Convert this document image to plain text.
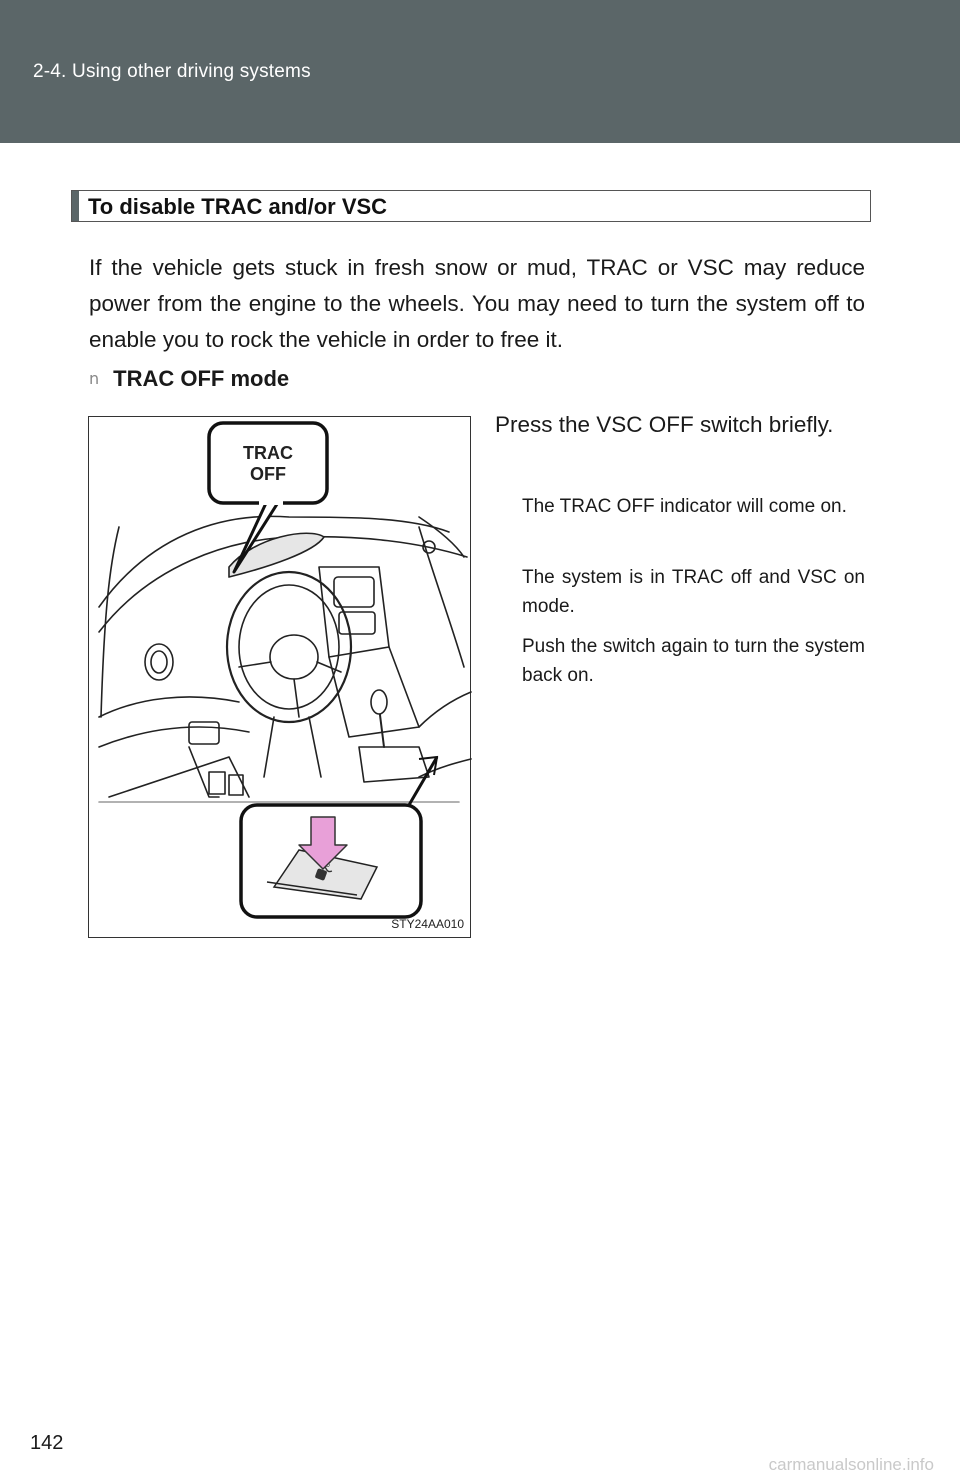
2-4. Using other driving systems
To disable TRAC and/or VSC
If the vehicle gets stuck in fresh snow or mud, TRAC or VSC may reduce power from the engine to the wheels. You may need to turn the system off to enable you to rock the vehicle in order to free it.
n TRAC OFF mode
TRAC
OFF
STY24AA010
Press the VSC OFF switch briefly.
The TRAC OFF indicator will come on.
The system is in TRAC off and VSC on mode.
Push the switch again to turn the system back on.
142
carmanualsonline.info
